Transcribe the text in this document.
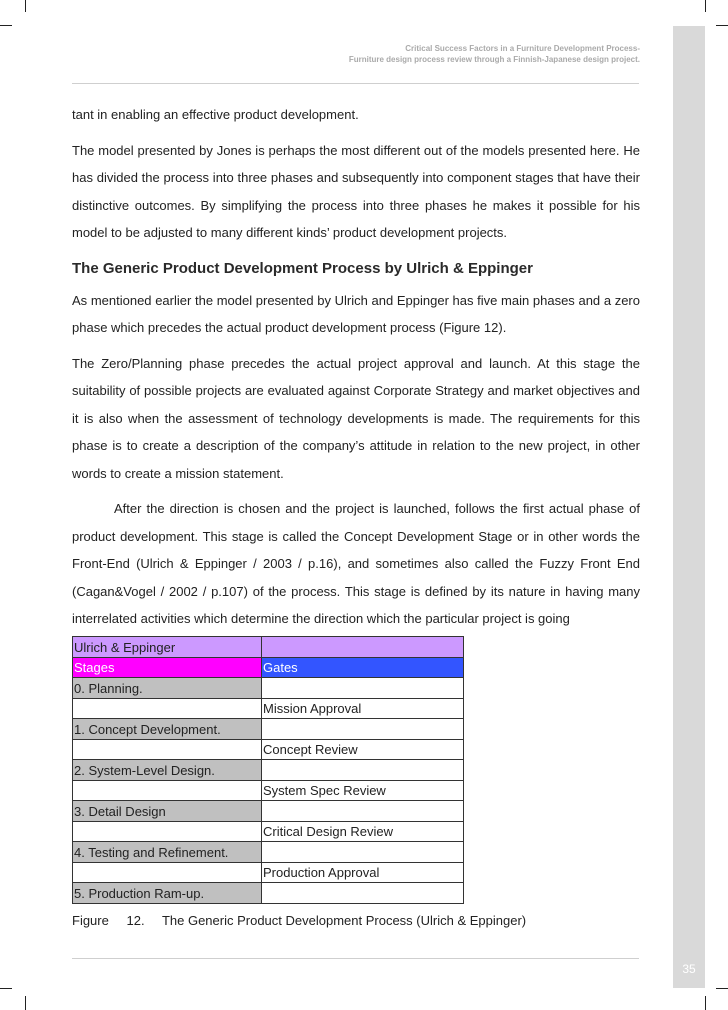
35
Critical Success Factors in a Furniture Development Process-
Furniture design process review through a Finnish-Japanese design project.

tant in enabling an effective product development.

The model presented by Jones is perhaps the most different out of the models presented here. He has divided the process into three phases and subsequently into component stages that have their distinctive outcomes. By simplifying the process into three phases he makes it possible for his model to be adjusted to many different kinds’ product development projects.

The Generic Product Development Process by Ulrich & Eppinger

As mentioned earlier the model presented by Ulrich and Eppinger has five main phases and a zero phase which precedes the actual product development process (Figure 12).

The Zero/Planning phase precedes the actual project approval and launch. At this stage the suitability of possible projects are evaluated against Corporate Strategy and market objectives and it is also when the assessment of technology developments is made. The requirements for this phase is to create a description of the company’s attitude in relation to the new project, in other words to create a mission statement.

After the direction is chosen and the project is launched, follows the first actual phase of product development. This stage is called the Concept Development Stage or in other words the Front-End (Ulrich & Eppinger / 2003 / p.16), and sometimes also called the Fuzzy Front End (Cagan&Vogel / 2002 / p.107) of the process. This stage is defined by its nature in having many interrelated activities which determine the direction which the particular project is going

Ulrich & Eppinger	
Stages	Gates
0. Planning.	
	Mission Approval
1. Concept Development.	
	Concept Review
2. System-Level Design.	
	System Spec Review
3. Detail Design	
	Critical Design Review
4. Testing and Refinement.	
	Production Approval
5. Production Ram-up.	
Figure 12. The Generic Product Development Process (Ulrich & Eppinger)
